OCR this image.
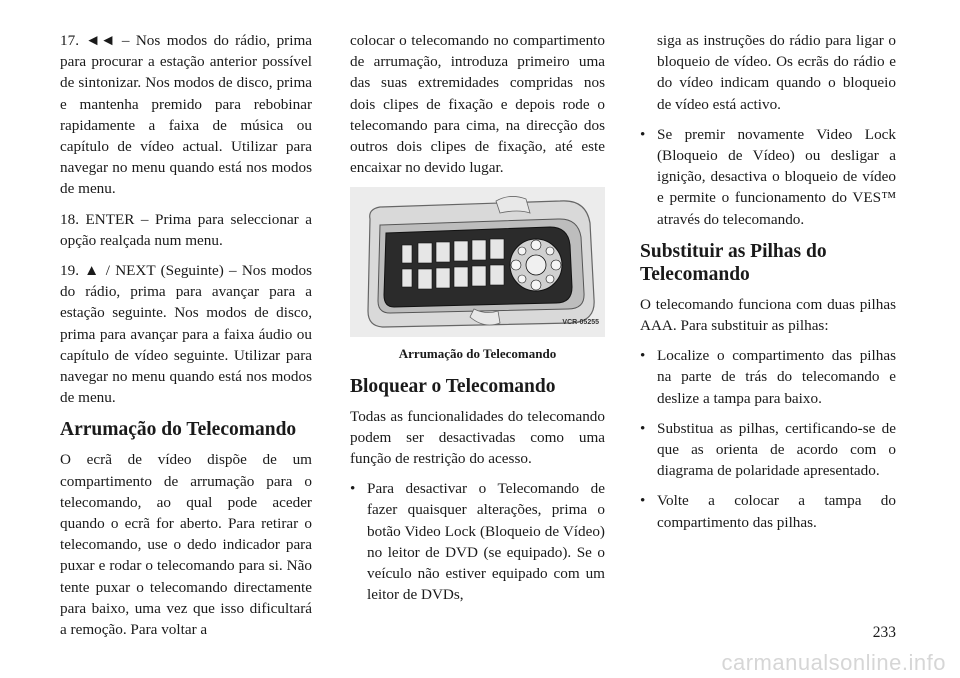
17. ◄◄ – Nos modos do rádio, prima para procurar a estação anterior possível de sintonizar. Nos modos de disco, prima e mantenha premido para rebobinar rapidamente a faixa de música ou capítulo de vídeo actual. Utilizar para navegar no menu quando está nos modos de menu.

18. ENTER – Prima para seleccionar a opção realçada num menu.

19. ▲ / NEXT (Seguinte) – Nos modos do rádio, prima para avançar para a estação seguinte. Nos modos de disco, prima para avançar para a faixa áudio ou capítulo de vídeo seguinte. Utilizar para navegar no menu quando está nos modos de menu.

Arrumação do Telecomando

O ecrã de vídeo dispõe de um compartimento de arrumação para o telecomando, ao qual pode aceder quando o ecrã for aberto. Para retirar o telecomando, use o dedo indicador para puxar e rodar o telecomando para si. Não tente puxar o telecomando directamente para baixo, uma vez que isso dificultará a remoção. Para voltar a

colocar o telecomando no compartimento de arrumação, introduza primeiro uma das suas extremidades compridas nos dois clipes de fixação e depois rode o telecomando para cima, na direcção dos outros dois clipes de fixação, até este encaixar no devido lugar.

VCR-05255
Arrumação do Telecomando
Bloquear o Telecomando

Todas as funcionalidades do telecomando podem ser desactivadas como uma função de restrição do acesso.

• Para desactivar o Telecomando de fazer quaisquer alterações, prima o botão Video Lock (Bloqueio de Vídeo) no leitor de DVD (se equipado). Se o veículo não estiver equipado com um leitor de DVDs,
siga as instruções do rádio para ligar o bloqueio de vídeo. Os ecrãs do rádio e do vídeo indicam quando o bloqueio de vídeo está activo.
• Se premir novamente Video Lock (Bloqueio de Vídeo) ou desligar a ignição, desactiva o bloqueio de vídeo e permite o funcionamento do VES™ através do telecomando.
Substituir as Pilhas do Telecomando

O telecomando funciona com duas pilhas AAA. Para substituir as pilhas:

• Localize o compartimento das pilhas na parte de trás do telecomando e deslize a tampa para baixo.
• Substitua as pilhas, certificando-se de que as orienta de acordo com o diagrama de polaridade apresentado.
• Volte a colocar a tampa do compartimento das pilhas.
233
carmanualsonline.info
